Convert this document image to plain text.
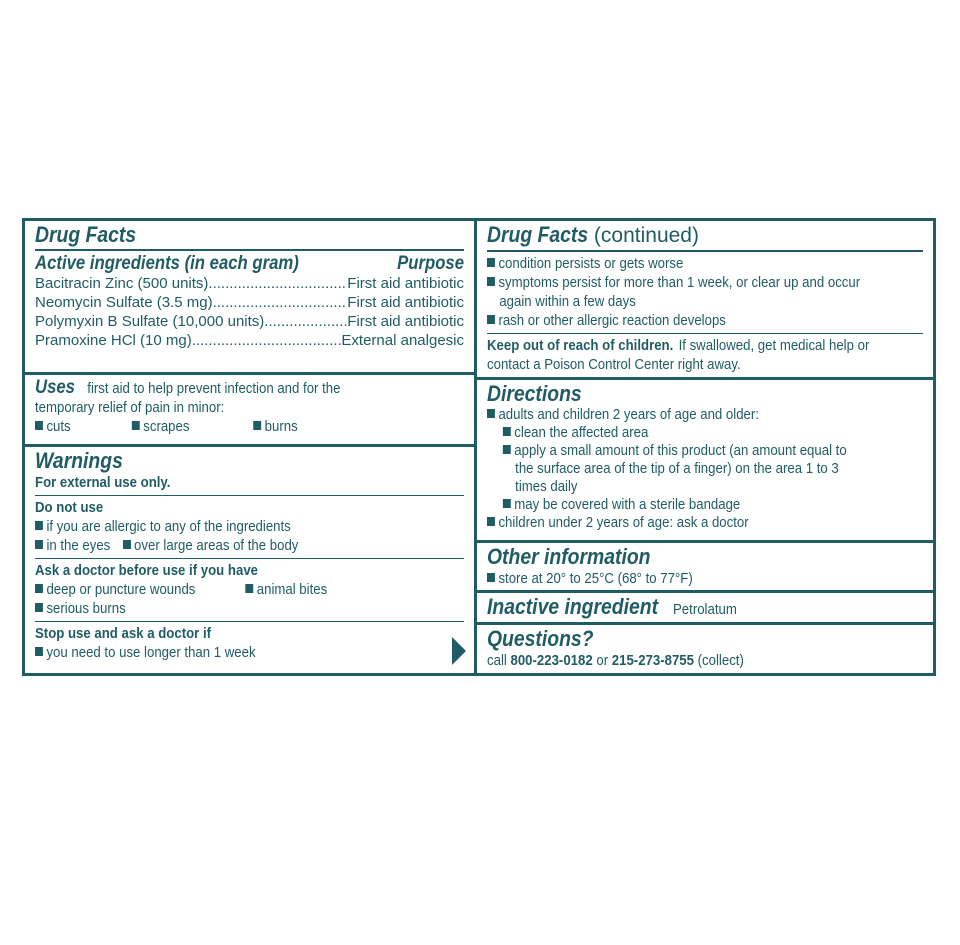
Drug Facts
Active ingredients (in each gram)	Purpose
Bacitracin Zinc (500 units) .....	First aid antibiotic
Neomycin Sulfate (3.5 mg) .....	First aid antibiotic
Polymyxin B Sulfate (10,000 units) .....	First aid antibiotic
Pramoxine HCl (10 mg) .....	External analgesic
Uses first aid to help prevent infection and for the
temporary relief of pain in minor:
cuts	scrapes	burns
Warnings
For external use only.
Do not use
if you are allergic to any of the ingredients
in the eyes over large areas of the body
Ask a doctor before use if you have
deep or puncture wounds	animal bites
serious burns
Stop use and ask a doctor if
you need to use longer than 1 week
Drug Facts (continued)
condition persists or gets worse
symptoms persist for more than 1 week, or clear up and occur
again within a few days
rash or other allergic reaction develops
Keep out of reach of children. If swallowed, get medical help or
contact a Poison Control Center right away.
Directions
adults and children 2 years of age and older:
clean the affected area
apply a small amount of this product (an amount equal to
the surface area of the tip of a finger) on the area 1 to 3
times daily
may be covered with a sterile bandage
children under 2 years of age: ask a doctor
Other information
store at 20° to 25°C (68° to 77°F)
Inactive ingredient Petrolatum
Questions?
call 800-223-0182 or 215-273-8755 (collect)
